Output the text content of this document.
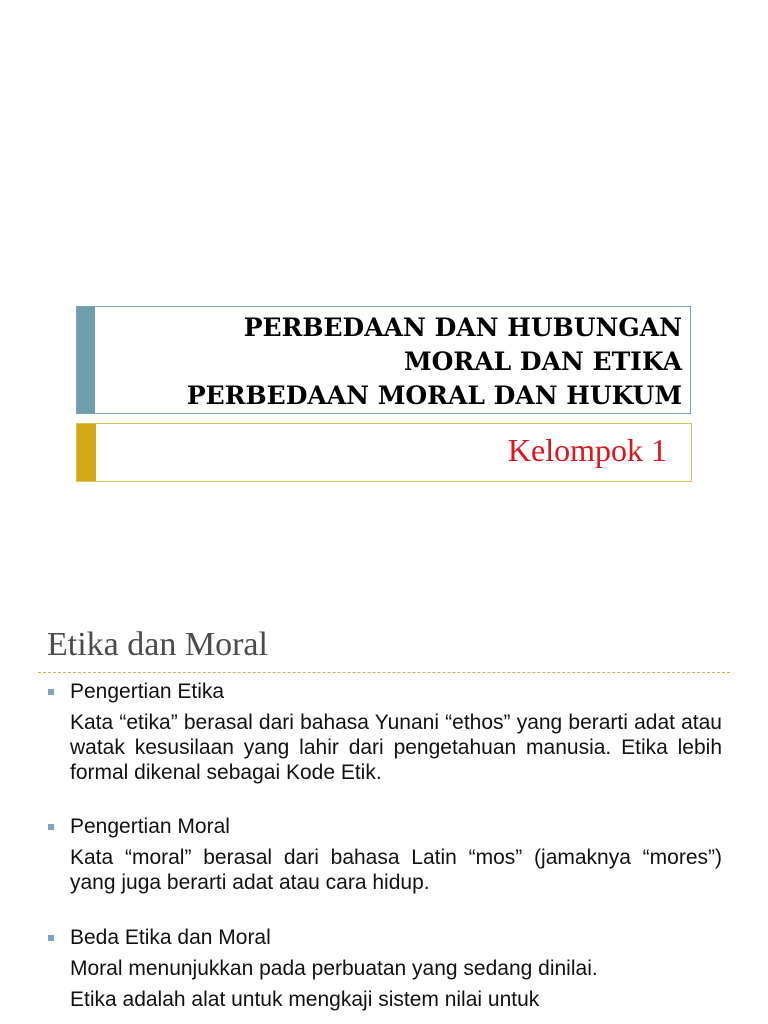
PERBEDAAN DAN HUBUNGAN
MORAL DAN ETIKA
PERBEDAAN MORAL DAN HUKUM
Kelompok 1
Etika dan Moral
Pengertian Etika
Kata “etika” berasal dari bahasa Yunani “ethos” yang berarti adat atau watak kesusilaan yang lahir dari pengetahuan manusia. Etika lebih formal dikenal sebagai Kode Etik.
Pengertian Moral
Kata “moral” berasal dari bahasa Latin “mos” (jamaknya “mores”) yang juga berarti adat atau cara hidup.
Beda Etika dan Moral
Moral menunjukkan pada perbuatan yang sedang dinilai.
Etika adalah alat untuk mengkaji sistem nilai untuk
